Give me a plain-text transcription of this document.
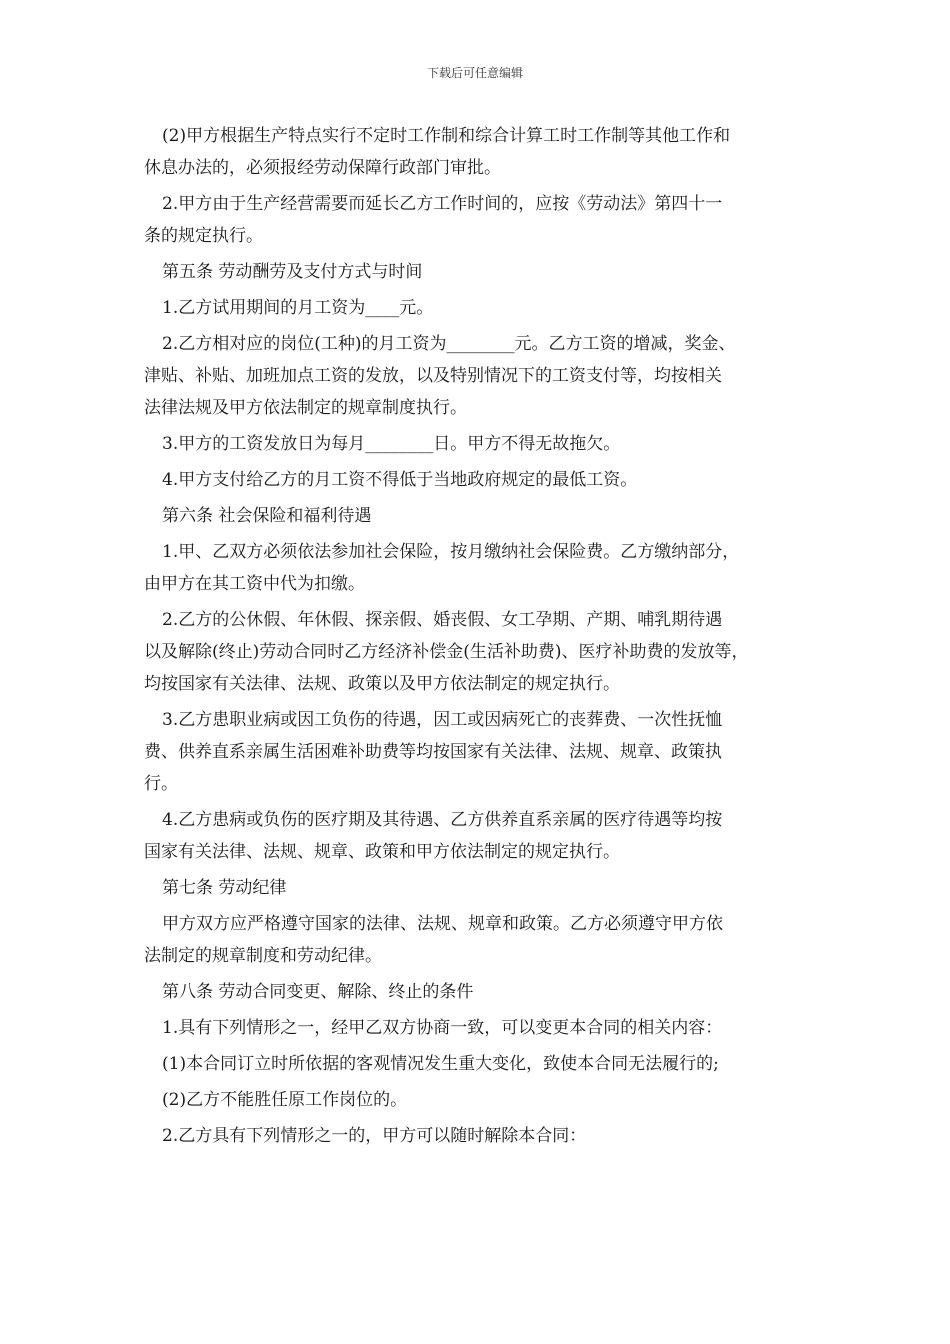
下载后可任意编辑
(2)甲方根据生产特点实行不定时工作制和综合计算工时工作制等其他工作和
休息办法的，必须报经劳动保障行政部门审批。
2.甲方由于生产经营需要而延长乙方工作时间的，应按《劳动法》第四十一
条的规定执行。
第五条 劳动酬劳及支付方式与时间
1.乙方试用期间的月工资为____元。
2.乙方相对应的岗位(工种)的月工资为________元。乙方工资的增减，奖金、
津贴、补贴、加班加点工资的发放，以及特别情况下的工资支付等，均按相关
法律法规及甲方依法制定的规章制度执行。
3.甲方的工资发放日为每月________日。甲方不得无故拖欠。
4.甲方支付给乙方的月工资不得低于当地政府规定的最低工资。
第六条 社会保险和福利待遇
1.甲、乙双方必须依法参加社会保险，按月缴纳社会保险费。乙方缴纳部分，
由甲方在其工资中代为扣缴。
2.乙方的公休假、年休假、探亲假、婚丧假、女工孕期、产期、哺乳期待遇
以及解除(终止)劳动合同时乙方经济补偿金(生活补助费)、医疗补助费的发放等，
均按国家有关法律、法规、政策以及甲方依法制定的规定执行。
3.乙方患职业病或因工负伤的待遇，因工或因病死亡的丧葬费、一次性抚恤
费、供养直系亲属生活困难补助费等均按国家有关法律、法规、规章、政策执
行。
4.乙方患病或负伤的医疗期及其待遇、乙方供养直系亲属的医疗待遇等均按
国家有关法律、法规、规章、政策和甲方依法制定的规定执行。
第七条 劳动纪律
甲方双方应严格遵守国家的法律、法规、规章和政策。乙方必须遵守甲方依
法制定的规章制度和劳动纪律。
第八条 劳动合同变更、解除、终止的条件
1.具有下列情形之一，经甲乙双方协商一致，可以变更本合同的相关内容：
(1)本合同订立时所依据的客观情况发生重大变化，致使本合同无法履行的;
(2)乙方不能胜任原工作岗位的。
2.乙方具有下列情形之一的，甲方可以随时解除本合同：
